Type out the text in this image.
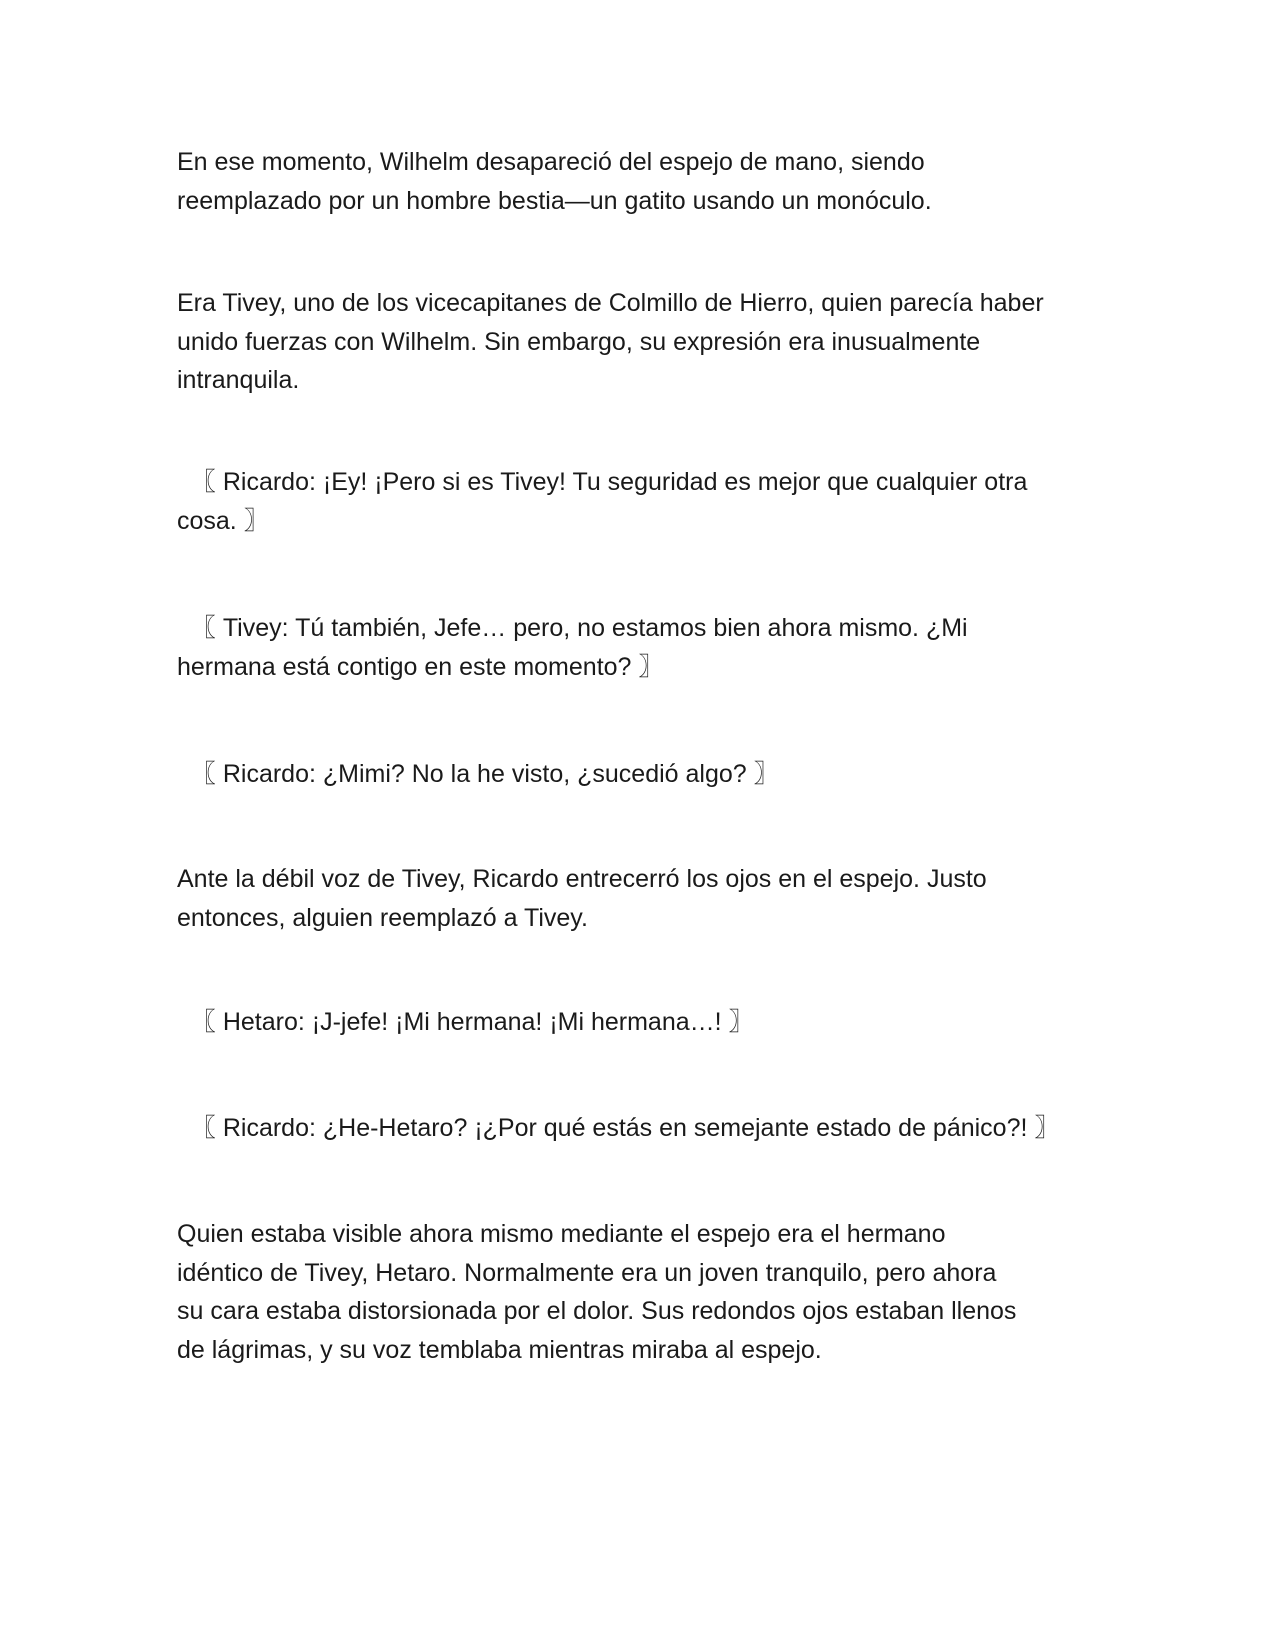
En ese momento, Wilhelm desapareció del espejo de mano, siendo
reemplazado por un hombre bestia—un gatito usando un monóculo.

Era Tivey, uno de los vicecapitanes de Colmillo de Hierro, quien parecía haber
unido fuerzas con Wilhelm. Sin embargo, su expresión era inusualmente
intranquila.

〖 Ricardo: ¡Ey! ¡Pero si es Tivey! Tu seguridad es mejor que cualquier otra
cosa. 〗

〖 Tivey: Tú también, Jefe… pero, no estamos bien ahora mismo. ¿Mi
hermana está contigo en este momento? 〗

〖 Ricardo: ¿Mimi? No la he visto, ¿sucedió algo? 〗

Ante la débil voz de Tivey, Ricardo entrecerró los ojos en el espejo. Justo
entonces, alguien reemplazó a Tivey.

〖 Hetaro: ¡J-jefe! ¡Mi hermana! ¡Mi hermana…! 〗

〖 Ricardo: ¿He-Hetaro? ¡¿Por qué estás en semejante estado de pánico?! 〗

Quien estaba visible ahora mismo mediante el espejo era el hermano
idéntico de Tivey, Hetaro. Normalmente era un joven tranquilo, pero ahora
su cara estaba distorsionada por el dolor. Sus redondos ojos estaban llenos
de lágrimas, y su voz temblaba mientras miraba al espejo.
